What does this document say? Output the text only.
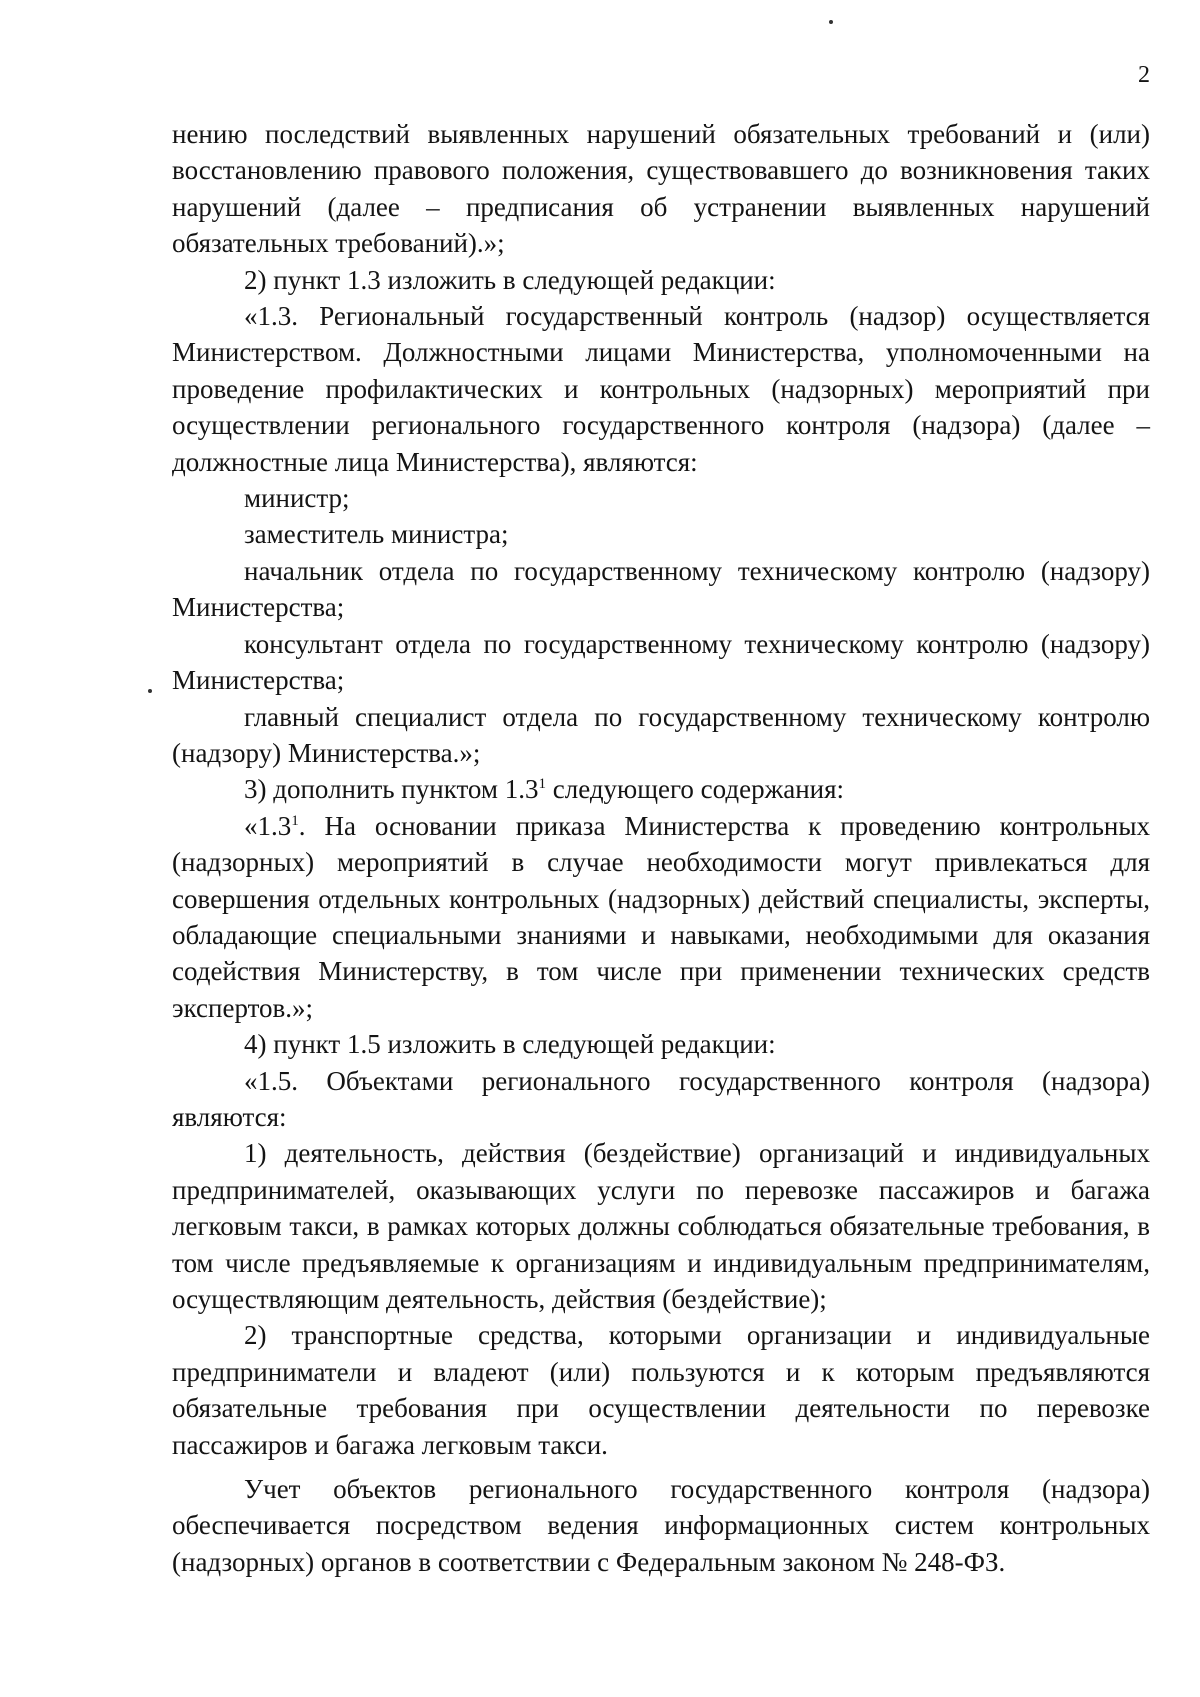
2

нению последствий выявленных нарушений обязательных требований и (или) восстановлению правового положения, существовавшего до возникновения таких нарушений (далее – предписания об устранении выявленных нарушений обязательных требований).»;

2) пункт 1.3 изложить в следующей редакции:

«1.3. Региональный государственный контроль (надзор) осуществляется Министерством. Должностными лицами Министерства, уполномоченными на проведение профилактических и контрольных (надзорных) мероприятий при осуществлении регионального государственного контроля (надзора) (далее – должностные лица Министерства), являются:

министр;

заместитель министра;

начальник отдела по государственному техническому контролю (надзору) Министерства;

консультант отдела по государственному техническому контролю (надзору) Министерства;

главный специалист отдела по государственному техническому контролю (надзору) Министерства.»;

3) дополнить пунктом 1.3$^1$ следующего содержания:

«1.3$^1$. На основании приказа Министерства к проведению контрольных (надзорных) мероприятий в случае необходимости могут привлекаться для совершения отдельных контрольных (надзорных) действий специалисты, эксперты, обладающие специальными знаниями и навыками, необходимыми для оказания содействия Министерству, в том числе при применении технических средств экспертов.»;

4) пункт 1.5 изложить в следующей редакции:

«1.5. Объектами регионального государственного контроля (надзора) являются:

1) деятельность, действия (бездействие) организаций и индивидуальных предпринимателей, оказывающих услуги по перевозке пассажиров и багажа легковым такси, в рамках которых должны соблюдаться обязательные требования, в том числе предъявляемые к организациям и индивидуальным предпринимателям, осуществляющим деятельность, действия (бездействие);

2) транспортные средства, которыми организации и индивидуальные предприниматели и владеют (или) пользуются и к которым предъявляются обязательные требования при осуществлении деятельности по перевозке пассажиров и багажа легковым такси.

Учет объектов регионального государственного контроля (надзора) обеспечивается посредством ведения информационных систем контрольных (надзорных) органов в соответствии с Федеральным законом № 248-ФЗ.
